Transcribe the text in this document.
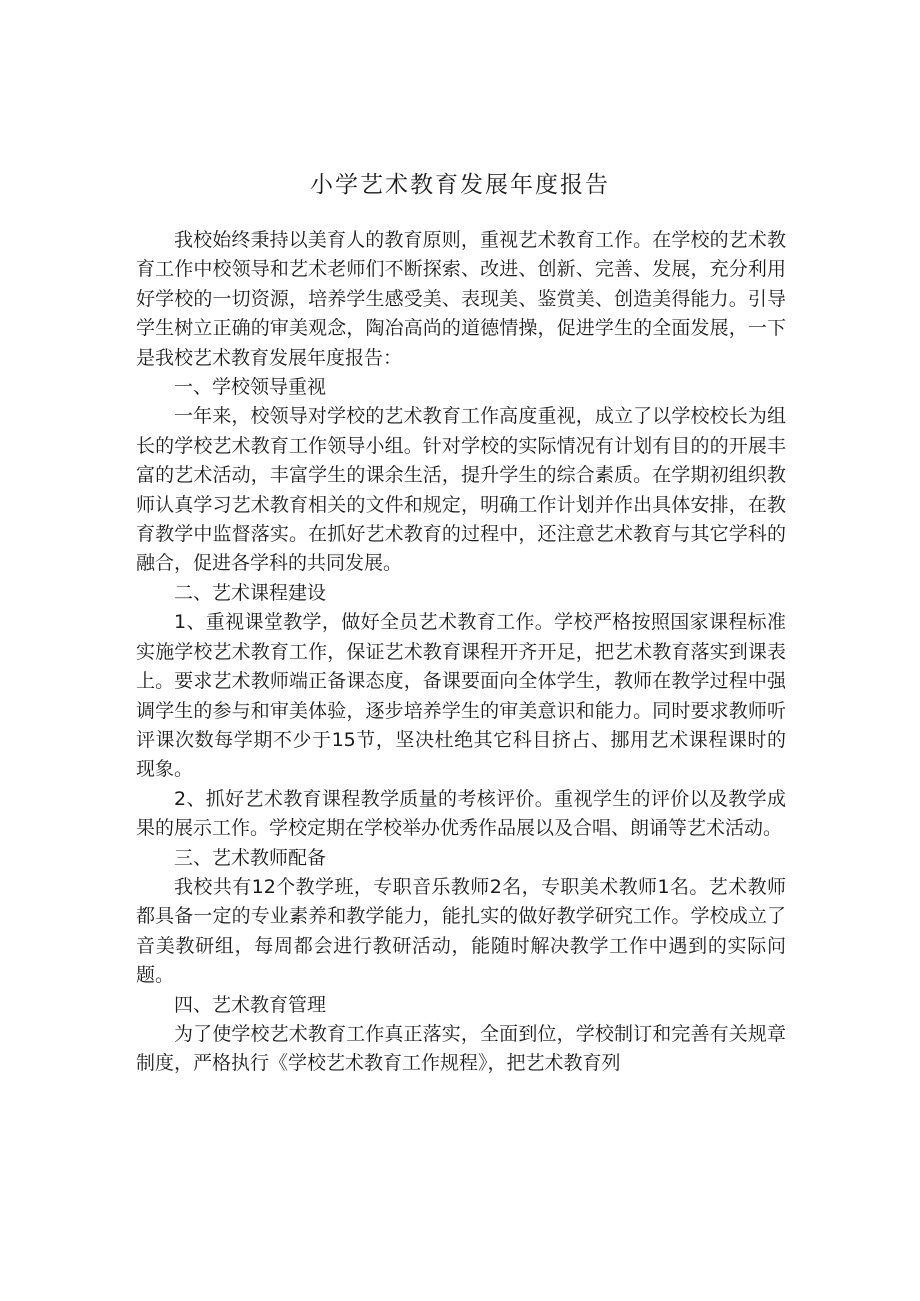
小学艺术教育发展年度报告

我校始终秉持以美育人的教育原则，重视艺术教育工作。在学校的艺术教育工作中校领导和艺术老师们不断探索、改进、创新、完善、发展，充分利用好学校的一切资源，培养学生感受美、表现美、鉴赏美、创造美得能力。引导学生树立正确的审美观念，陶冶高尚的道德情操，促进学生的全面发展，一下是我校艺术教育发展年度报告：

一、学校领导重视

一年来，校领导对学校的艺术教育工作高度重视，成立了以学校校长为组长的学校艺术教育工作领导小组。针对学校的实际情况有计划有目的的开展丰富的艺术活动，丰富学生的课余生活，提升学生的综合素质。在学期初组织教师认真学习艺术教育相关的文件和规定，明确工作计划并作出具体安排，在教育教学中监督落实。在抓好艺术教育的过程中，还注意艺术教育与其它学科的融合，促进各学科的共同发展。

二、艺术课程建设

1、重视课堂教学，做好全员艺术教育工作。学校严格按照国家课程标准实施学校艺术教育工作，保证艺术教育课程开齐开足，把艺术教育落实到课表上。要求艺术教师端正备课态度，备课要面向全体学生，教师在教学过程中强调学生的参与和审美体验，逐步培养学生的审美意识和能力。同时要求教师听评课次数每学期不少于15节，坚决杜绝其它科目挤占、挪用艺术课程课时的现象。

2、抓好艺术教育课程教学质量的考核评价。重视学生的评价以及教学成果的展示工作。学校定期在学校举办优秀作品展以及合唱、朗诵等艺术活动。

三、艺术教师配备

我校共有12个教学班，专职音乐教师2名，专职美术教师1名。艺术教师都具备一定的专业素养和教学能力，能扎实的做好教学研究工作。学校成立了音美教研组，每周都会进行教研活动，能随时解决教学工作中遇到的实际问题。

四、艺术教育管理

为了使学校艺术教育工作真正落实，全面到位，学校制订和完善有关规章制度，严格执行《学校艺术教育工作规程》，把艺术教育列
